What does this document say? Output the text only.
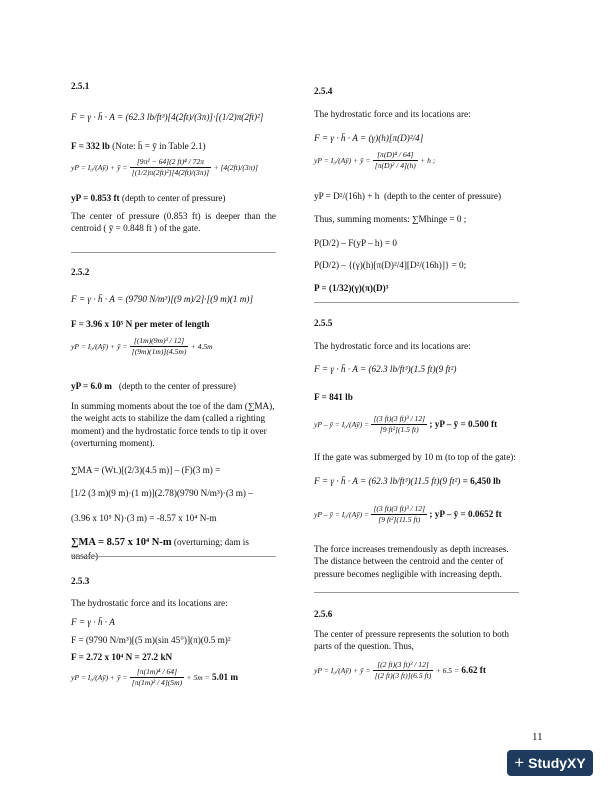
2.5.1
F = γ · h̄ · A = (62.3 lb/ft³)[4(2ft)/(3π)]·[(1/2)π(2ft)²]
F = 332 lb (Note: h̄ = ȳ in Table 2.1)
yP = I₀/(Aȳ) + ȳ = $\frac{\text{[9π² − 64](2 ft)⁴ / 72π}}{\text{[(1/2)π(2ft)²][4(2ft)/(3π)]}} + [4(2ft)/(3\pi)]$
yP = 0.853 ft (depth to center of pressure)
The center of pressure (0.853 ft) is deeper than the centroid ( ȳ = 0.848 ft ) of the gate.
2.5.2
F = γ · h̄ · A = (9790 N/m³)[(9 m)/2]·[(9 m)(1 m)]
F = 3.96 x 10⁵ N per meter of length
yP = I₀/(Aȳ) + ȳ = $\frac{\text{[(1m)(9m)³ / 12]}}{[(9m)(1m)](4.5m)} + 4.5m$
yP = 6.0 m (depth to the center of pressure)
In summing moments about the toe of the dam (∑MA), the weight acts to stabilize the dam (called a righting moment) and the hydrostatic force tends to tip it over (overturning moment).
∑MA = (Wt.)[(2/3)(4.5 m)] – (F)(3 m) =
[1/2 (3 m)(9 m)·(1 m)](2.78)(9790 N/m³)·(3 m) –
(3.96 x 10⁵ N)·(3 m) = -8.57 x 10⁴ N-m
∑MA = 8.57 x 10⁴ N-m (overturning; dam is unsafe)
2.5.3
The hydrostatic force and its locations are:
F = γ · h̄ · A
F = (9790 N/m³)[(5 m)(sin 45°)](π)(0.5 m)²
F = 2.72 x 10⁴ N = 27.2 kN
yP = I₀/(Aȳ) + ȳ = $\frac{\text{[π(1m)⁴ / 64]}}{\text{[π(1m)² / 4](5m)}} + 5m = 5.01$ m
2.5.4
The hydrostatic force and its locations are:
F = γ · h̄ · A = (γ)(h)[π(D)²/4]
yP = I₀/(Aȳ) + ȳ = $\frac{\text{[π(D)⁴ / 64]}}{\text{[π(D)² / 4](h)}} + h$ ;
yP = D²/(16h) + h (depth to the center of pressure)
Thus, summing moments: ∑Mhinge = 0 ;
P(D/2) – F(yP – h) = 0
P(D/2) – {(γ)(h)[π(D)²/4][D²/(16h)]} = 0;
P = (1/32)(γ)(π)(D)³
2.5.5
The hydrostatic force and its locations are:
F = γ · h̄ · A = (62.3 lb/ft³)(1.5 ft)(9 ft²)
F = 841 lb
yP – ȳ = I₀/(Aȳ) = $\frac{\text{[(3 ft)(3 ft)³ / 12]}}{\text{[9 ft²](1.5 ft)}}$ ; yP – ȳ = 0.500 ft
If the gate was submerged by 10 m (to top of the gate):
F = γ · h̄ · A = (62.3 lb/ft³)(11.5 ft)(9 ft²) = 6,450 lb
yP – ȳ = I₀/(Aȳ) = $\frac{\text{[(3 ft)(3 ft)³ / 12]}}{\text{[9 ft²](11.5 ft)}}$ ; yP – ȳ = 0.0652 ft
The force increases tremendously as depth increases. The distance between the centroid and the center of pressure becomes negligible with increasing depth.
2.5.6
The center of pressure represents the solution to both parts of the question. Thus,
yP = I₀/(Aȳ) + ȳ = $\frac{\text{[(2 ft)(3 ft)³ / 12]}}{[(2 ft)(3 ft)](6.5 ft)} + 6.5 = 6.62$ ft
11
+ StudyXY
